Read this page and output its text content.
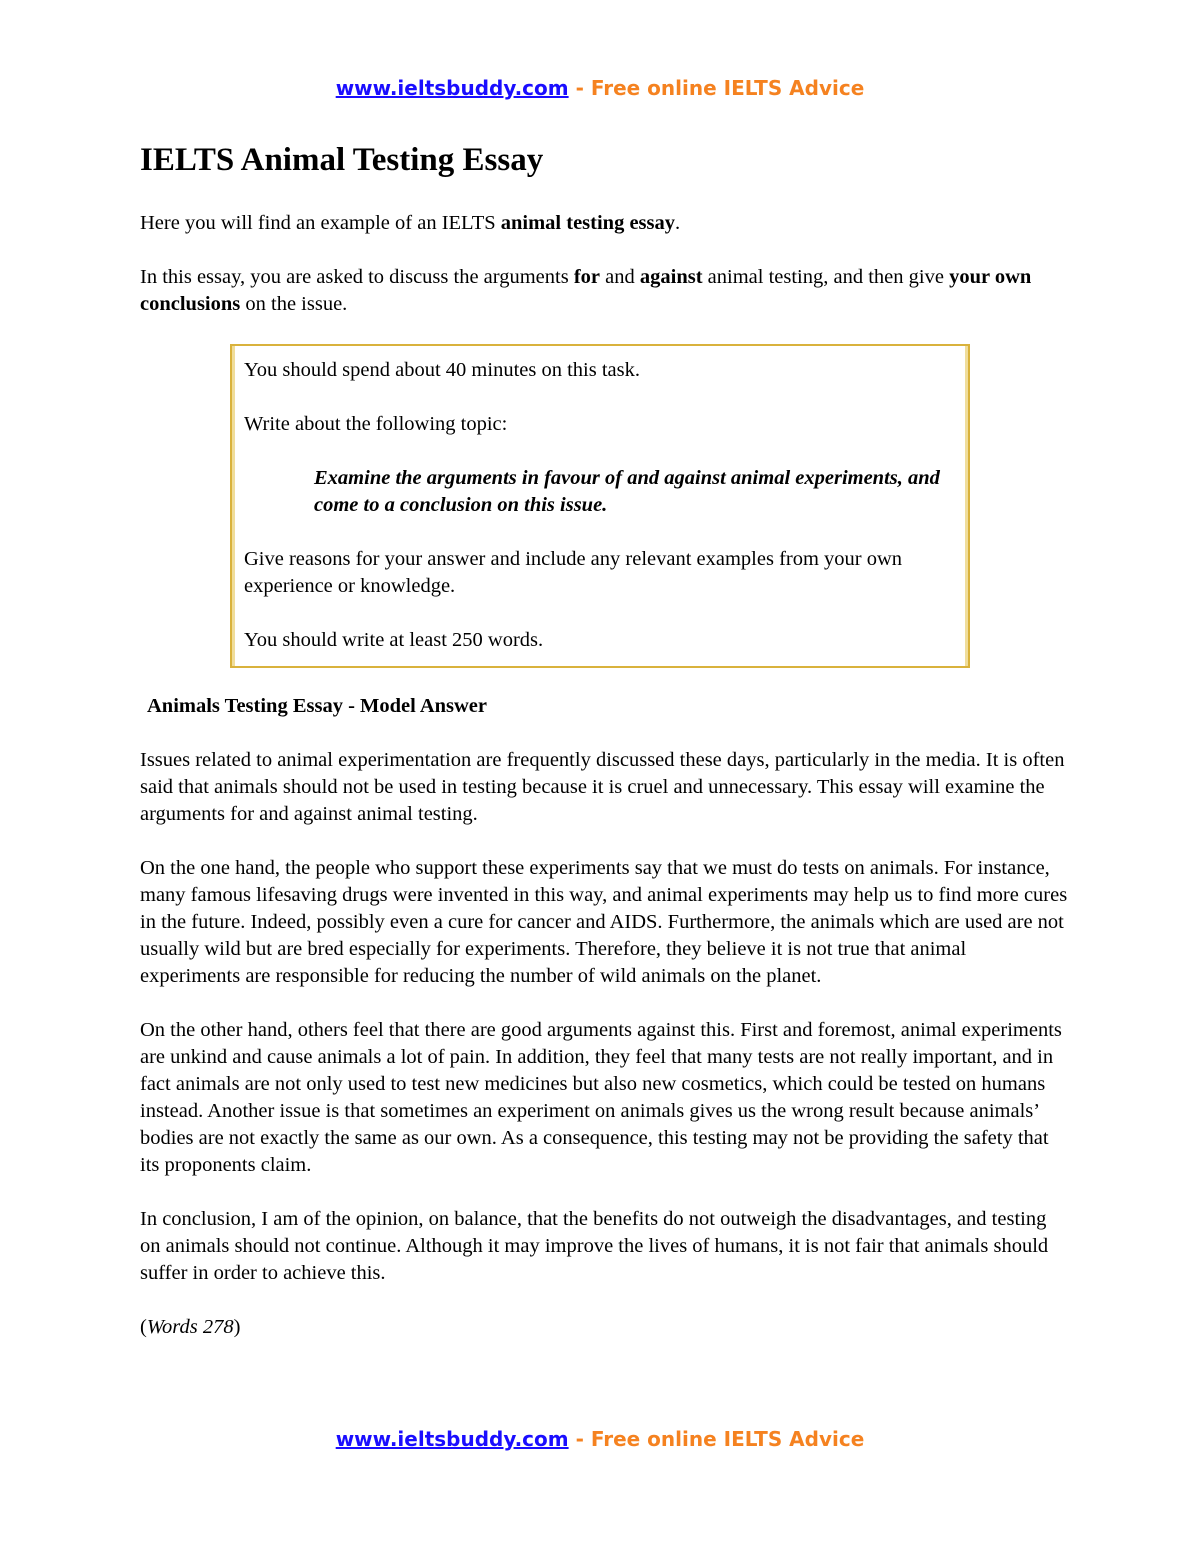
www.ieltsbuddy.com - Free online IELTS Advice
IELTS Animal Testing Essay

Here you will find an example of an IELTS animal testing essay.

In this essay, you are asked to discuss the arguments for and against animal testing, and then give your own conclusions on the issue.

You should spend about 40 minutes on this task.

Write about the following topic:

Examine the arguments in favour of and against animal experiments, and come to a conclusion on this issue.

Give reasons for your answer and include any relevant examples from your own experience or knowledge.

You should write at least 250 words.

Animals Testing Essay - Model Answer

Issues related to animal experimentation are frequently discussed these days, particularly in the media. It is often said that animals should not be used in testing because it is cruel and unnecessary. This essay will examine the arguments for and against animal testing.

On the one hand, the people who support these experiments say that we must do tests on animals. For instance, many famous lifesaving drugs were invented in this way, and animal experiments may help us to find more cures in the future. Indeed, possibly even a cure for cancer and AIDS. Furthermore, the animals which are used are not usually wild but are bred especially for experiments. Therefore, they believe it is not true that animal experiments are responsible for reducing the number of wild animals on the planet.

On the other hand, others feel that there are good arguments against this. First and foremost, animal experiments are unkind and cause animals a lot of pain. In addition, they feel that many tests are not really important, and in fact animals are not only used to test new medicines but also new cosmetics, which could be tested on humans instead. Another issue is that sometimes an experiment on animals gives us the wrong result because animals’ bodies are not exactly the same as our own. As a consequence, this testing may not be providing the safety that its proponents claim.

In conclusion, I am of the opinion, on balance, that the benefits do not outweigh the disadvantages, and testing on animals should not continue. Although it may improve the lives of humans, it is not fair that animals should suffer in order to achieve this.

(Words 278)

www.ieltsbuddy.com - Free online IELTS Advice
